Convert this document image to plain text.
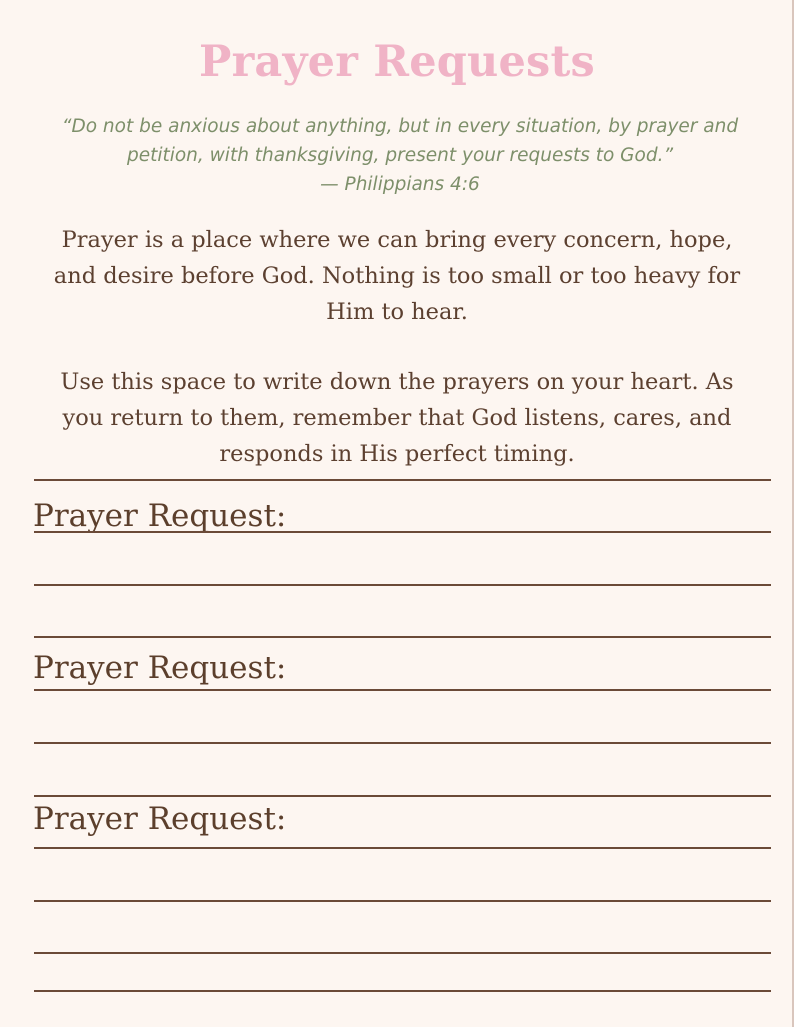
Prayer Requests

“Do not be anxious about anything, but in every situation, by prayer and
petition, with thanksgiving, present your requests to God.”
— Philippians 4:6

Prayer is a place where we can bring every concern, hope,
and desire before God. Nothing is too small or too heavy for
Him to hear.

Use this space to write down the prayers on your heart. As
you return to them, remember that God listens, cares, and
responds in His perfect timing.

Prayer Request:

Prayer Request:

Prayer Request:
